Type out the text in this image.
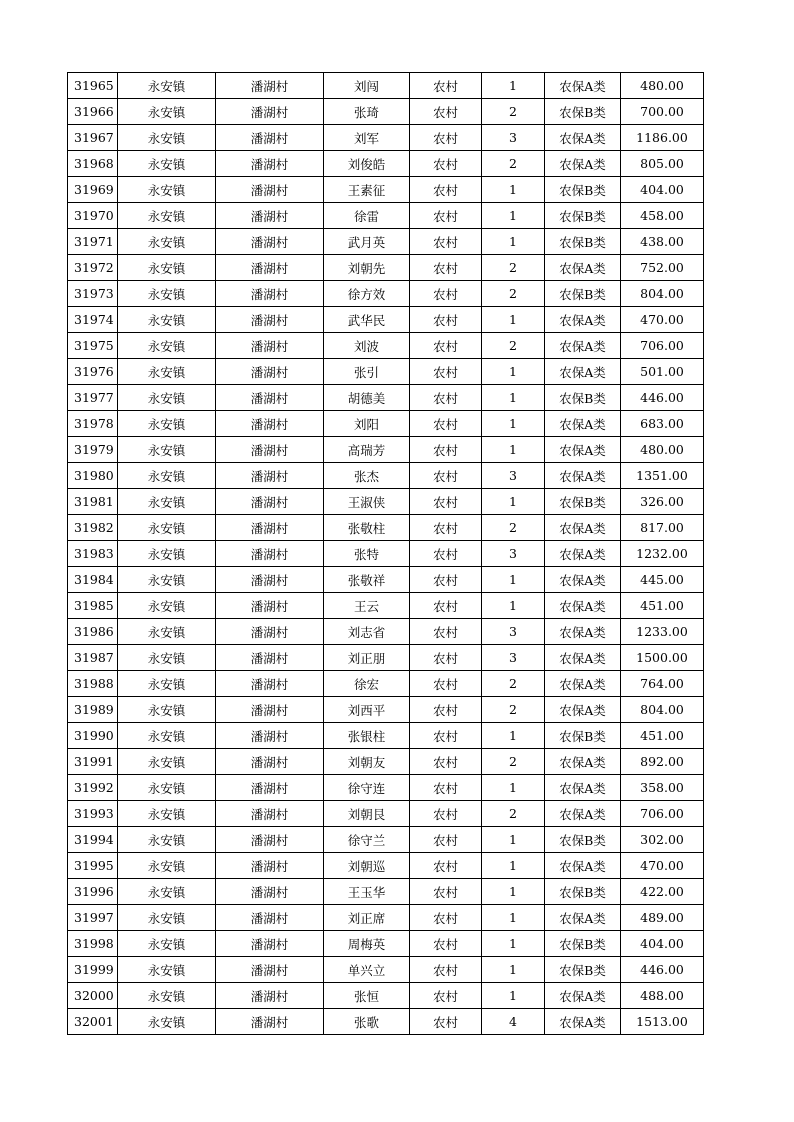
31965	永安镇	潘湖村	刘闯	农村	1	农保A类	480.00
31966	永安镇	潘湖村	张琦	农村	2	农保B类	700.00
31967	永安镇	潘湖村	刘军	农村	3	农保A类	1186.00
31968	永安镇	潘湖村	刘俊皓	农村	2	农保A类	805.00
31969	永安镇	潘湖村	王素征	农村	1	农保B类	404.00
31970	永安镇	潘湖村	徐雷	农村	1	农保B类	458.00
31971	永安镇	潘湖村	武月英	农村	1	农保B类	438.00
31972	永安镇	潘湖村	刘朝先	农村	2	农保A类	752.00
31973	永安镇	潘湖村	徐方效	农村	2	农保B类	804.00
31974	永安镇	潘湖村	武华民	农村	1	农保A类	470.00
31975	永安镇	潘湖村	刘波	农村	2	农保A类	706.00
31976	永安镇	潘湖村	张引	农村	1	农保A类	501.00
31977	永安镇	潘湖村	胡德美	农村	1	农保B类	446.00
31978	永安镇	潘湖村	刘阳	农村	1	农保A类	683.00
31979	永安镇	潘湖村	高瑞芳	农村	1	农保A类	480.00
31980	永安镇	潘湖村	张杰	农村	3	农保A类	1351.00
31981	永安镇	潘湖村	王淑侠	农村	1	农保B类	326.00
31982	永安镇	潘湖村	张敬柱	农村	2	农保A类	817.00
31983	永安镇	潘湖村	张特	农村	3	农保A类	1232.00
31984	永安镇	潘湖村	张敬祥	农村	1	农保A类	445.00
31985	永安镇	潘湖村	王云	农村	1	农保A类	451.00
31986	永安镇	潘湖村	刘志省	农村	3	农保A类	1233.00
31987	永安镇	潘湖村	刘正朋	农村	3	农保A类	1500.00
31988	永安镇	潘湖村	徐宏	农村	2	农保A类	764.00
31989	永安镇	潘湖村	刘西平	农村	2	农保A类	804.00
31990	永安镇	潘湖村	张银柱	农村	1	农保B类	451.00
31991	永安镇	潘湖村	刘朝友	农村	2	农保A类	892.00
31992	永安镇	潘湖村	徐守连	农村	1	农保A类	358.00
31993	永安镇	潘湖村	刘朝艮	农村	2	农保A类	706.00
31994	永安镇	潘湖村	徐守兰	农村	1	农保B类	302.00
31995	永安镇	潘湖村	刘朝巡	农村	1	农保A类	470.00
31996	永安镇	潘湖村	王玉华	农村	1	农保B类	422.00
31997	永安镇	潘湖村	刘正席	农村	1	农保A类	489.00
31998	永安镇	潘湖村	周梅英	农村	1	农保B类	404.00
31999	永安镇	潘湖村	单兴立	农村	1	农保B类	446.00
32000	永安镇	潘湖村	张恒	农村	1	农保A类	488.00
32001	永安镇	潘湖村	张歌	农村	4	农保A类	1513.00
